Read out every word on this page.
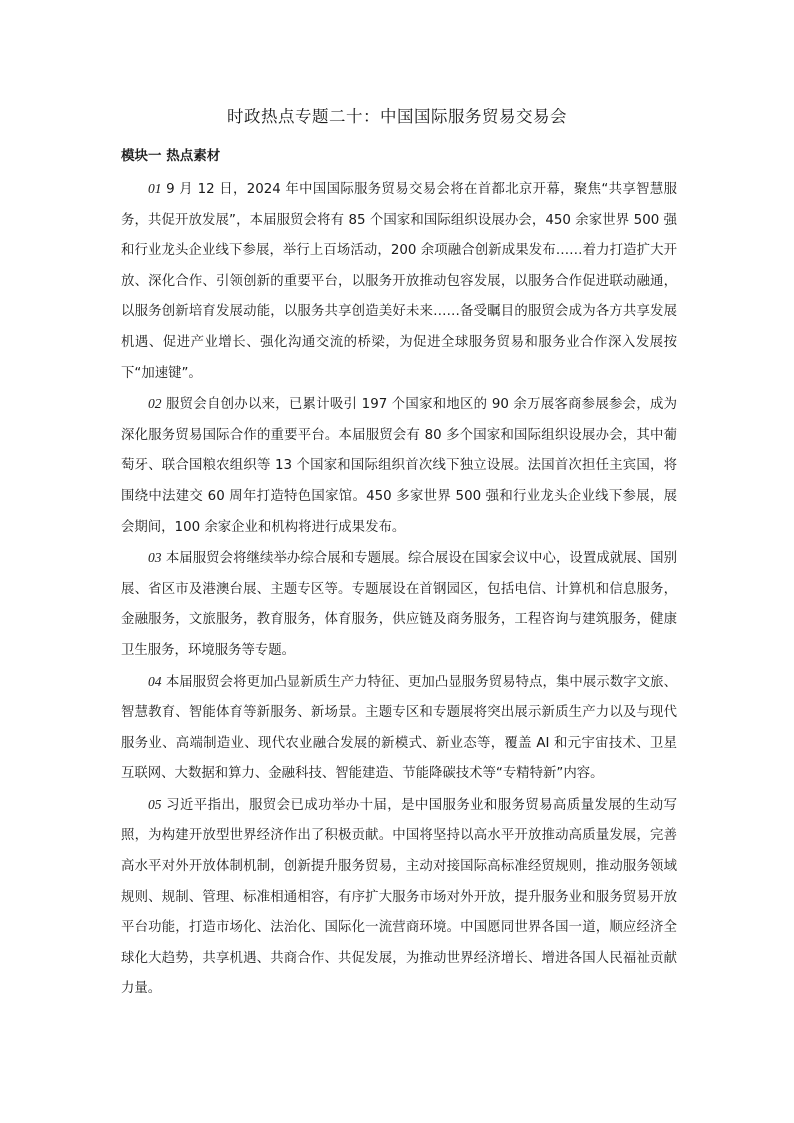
时政热点专题二十：中国国际服务贸易交易会
模块一 热点素材

01 9 月 12 日，2024 年中国国际服务贸易交易会将在首都北京开幕，聚焦“共享智慧服务，共促开放发展”，本届服贸会将有 85 个国家和国际组织设展办会，450 余家世界 500 强和行业龙头企业线下参展，举行上百场活动，200 余项融合创新成果发布……着力打造扩大开放、深化合作、引领创新的重要平台，以服务开放推动包容发展，以服务合作促进联动融通，以服务创新培育发展动能，以服务共享创造美好未来……备受瞩目的服贸会成为各方共享发展机遇、促进产业增长、强化沟通交流的桥梁，为促进全球服务贸易和服务业合作深入发展按下“加速键”。

02 服贸会自创办以来，已累计吸引 197 个国家和地区的 90 余万展客商参展参会，成为深化服务贸易国际合作的重要平台。本届服贸会有 80 多个国家和国际组织设展办会，其中葡萄牙、联合国粮农组织等 13 个国家和国际组织首次线下独立设展。法国首次担任主宾国，将围绕中法建交 60 周年打造特色国家馆。450 多家世界 500 强和行业龙头企业线下参展，展会期间，100 余家企业和机构将进行成果发布。

03 本届服贸会将继续举办综合展和专题展。综合展设在国家会议中心，设置成就展、国别展、省区市及港澳台展、主题专区等。专题展设在首钢园区，包括电信、计算机和信息服务，金融服务，文旅服务，教育服务，体育服务，供应链及商务服务，工程咨询与建筑服务，健康卫生服务，环境服务等专题。

04 本届服贸会将更加凸显新质生产力特征、更加凸显服务贸易特点，集中展示数字文旅、智慧教育、智能体育等新服务、新场景。主题专区和专题展将突出展示新质生产力以及与现代服务业、高端制造业、现代农业融合发展的新模式、新业态等，覆盖 AI 和元宇宙技术、卫星互联网、大数据和算力、金融科技、智能建造、节能降碳技术等“专精特新”内容。

05 习近平指出，服贸会已成功举办十届，是中国服务业和服务贸易高质量发展的生动写照，为构建开放型世界经济作出了积极贡献。中国将坚持以高水平开放推动高质量发展，完善高水平对外开放体制机制，创新提升服务贸易，主动对接国际高标准经贸规则，推动服务领域规则、规制、管理、标准相通相容，有序扩大服务市场对外开放，提升服务业和服务贸易开放平台功能，打造市场化、法治化、国际化一流营商环境。中国愿同世界各国一道，顺应经济全球化大趋势，共享机遇、共商合作、共促发展，为推动世界经济增长、增进各国人民福祉贡献力量。
